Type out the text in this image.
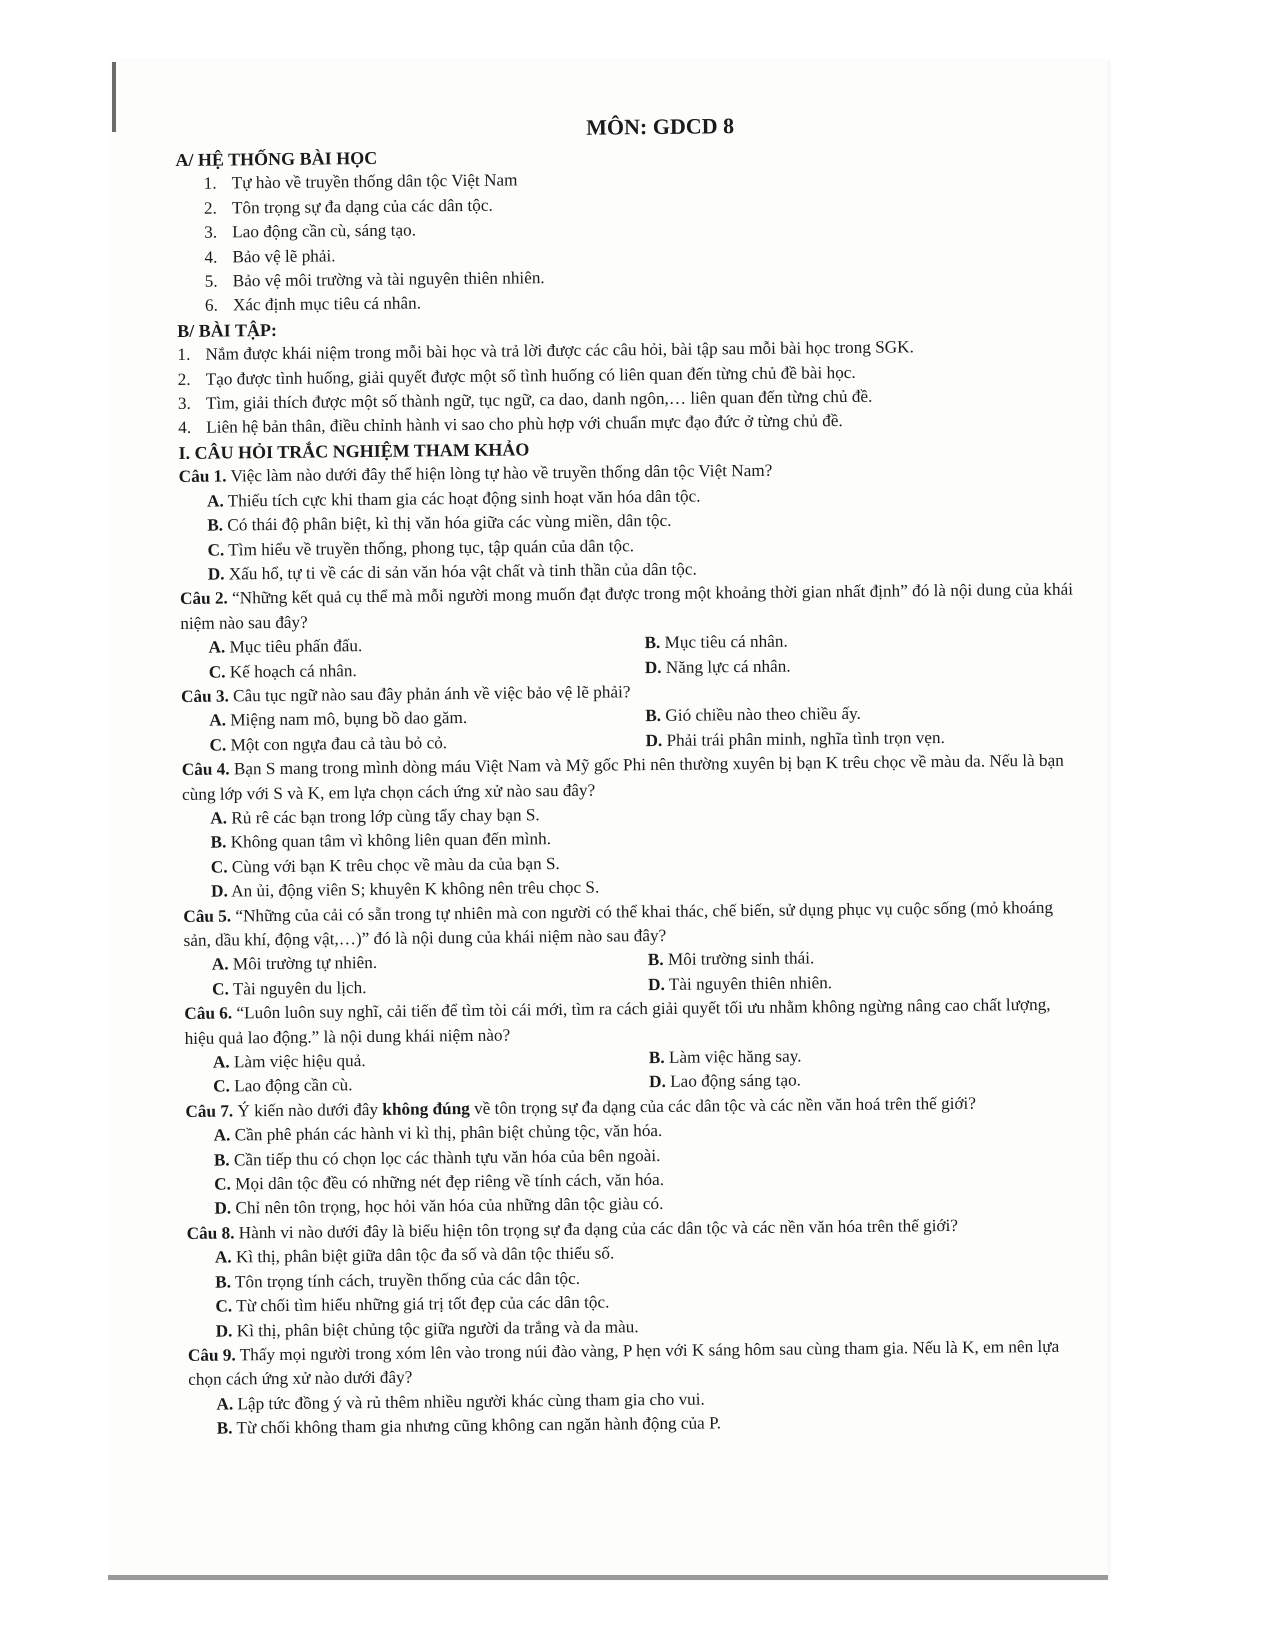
MÔN: GDCD 8
A/ HỆ THỐNG BÀI HỌC
1. Tự hào về truyền thống dân tộc Việt Nam
2. Tôn trọng sự đa dạng của các dân tộc.
3. Lao động cần cù, sáng tạo.
4. Bảo vệ lẽ phải.
5. Bảo vệ môi trường và tài nguyên thiên nhiên.
6. Xác định mục tiêu cá nhân.
B/ BÀI TẬP:
1. Nắm được khái niệm trong mỗi bài học và trả lời được các câu hỏi, bài tập sau mỗi bài học trong SGK.
2. Tạo được tình huống, giải quyết được một số tình huống có liên quan đến từng chủ đề bài học.
3. Tìm, giải thích được một số thành ngữ, tục ngữ, ca dao, danh ngôn,… liên quan đến từng chủ đề.
4. Liên hệ bản thân, điều chỉnh hành vi sao cho phù hợp với chuẩn mực đạo đức ở từng chủ đề.
I. CÂU HỎI TRẮC NGHIỆM THAM KHẢO
Câu 1. Việc làm nào dưới đây thể hiện lòng tự hào về truyền thống dân tộc Việt Nam?
A. Thiếu tích cực khi tham gia các hoạt động sinh hoạt văn hóa dân tộc.
B. Có thái độ phân biệt, kì thị văn hóa giữa các vùng miền, dân tộc.
C. Tìm hiểu về truyền thống, phong tục, tập quán của dân tộc.
D. Xấu hổ, tự ti về các di sản văn hóa vật chất và tinh thần của dân tộc.
Câu 2. “Những kết quả cụ thể mà mỗi người mong muốn đạt được trong một khoảng thời gian nhất định” đó là nội dung của khái niệm nào sau đây?
A. Mục tiêu phấn đấu.	B. Mục tiêu cá nhân.
C. Kế hoạch cá nhân.	D. Năng lực cá nhân.
Câu 3. Câu tục ngữ nào sau đây phản ánh về việc bảo vệ lẽ phải?
A. Miệng nam mô, bụng bồ dao găm.	B. Gió chiều nào theo chiều ấy.
C. Một con ngựa đau cả tàu bỏ cỏ.	D. Phải trái phân minh, nghĩa tình trọn vẹn.
Câu 4. Bạn S mang trong mình dòng máu Việt Nam và Mỹ gốc Phi nên thường xuyên bị bạn K trêu chọc về màu da. Nếu là bạn cùng lớp với S và K, em lựa chọn cách ứng xử nào sau đây?
A. Rủ rê các bạn trong lớp cùng tẩy chay bạn S.
B. Không quan tâm vì không liên quan đến mình.
C. Cùng với bạn K trêu chọc về màu da của bạn S.
D. An ủi, động viên S; khuyên K không nên trêu chọc S.
Câu 5. “Những của cải có sẵn trong tự nhiên mà con người có thể khai thác, chế biến, sử dụng phục vụ cuộc sống (mỏ khoáng sản, dầu khí, động vật,…)” đó là nội dung của khái niệm nào sau đây?
A. Môi trường tự nhiên.	B. Môi trường sinh thái.
C. Tài nguyên du lịch.	D. Tài nguyên thiên nhiên.
Câu 6. “Luôn luôn suy nghĩ, cải tiến để tìm tòi cái mới, tìm ra cách giải quyết tối ưu nhằm không ngừng nâng cao chất lượng, hiệu quả lao động.” là nội dung khái niệm nào?
A. Làm việc hiệu quả.	B. Làm việc hăng say.
C. Lao động cần cù.	D. Lao động sáng tạo.
Câu 7. Ý kiến nào dưới đây không đúng về tôn trọng sự đa dạng của các dân tộc và các nền văn hoá trên thế giới?
A. Cần phê phán các hành vi kì thị, phân biệt chủng tộc, văn hóa.
B. Cần tiếp thu có chọn lọc các thành tựu văn hóa của bên ngoài.
C. Mọi dân tộc đều có những nét đẹp riêng về tính cách, văn hóa.
D. Chỉ nên tôn trọng, học hỏi văn hóa của những dân tộc giàu có.
Câu 8. Hành vi nào dưới đây là biểu hiện tôn trọng sự đa dạng của các dân tộc và các nền văn hóa trên thế giới?
A. Kì thị, phân biệt giữa dân tộc đa số và dân tộc thiểu số.
B. Tôn trọng tính cách, truyền thống của các dân tộc.
C. Từ chối tìm hiểu những giá trị tốt đẹp của các dân tộc.
D. Kì thị, phân biệt chủng tộc giữa người da trắng và da màu.
Câu 9. Thấy mọi người trong xóm lên vào trong núi đào vàng, P hẹn với K sáng hôm sau cùng tham gia. Nếu là K, em nên lựa chọn cách ứng xử nào dưới đây?
A. Lập tức đồng ý và rủ thêm nhiều người khác cùng tham gia cho vui.
B. Từ chối không tham gia nhưng cũng không can ngăn hành động của P.
